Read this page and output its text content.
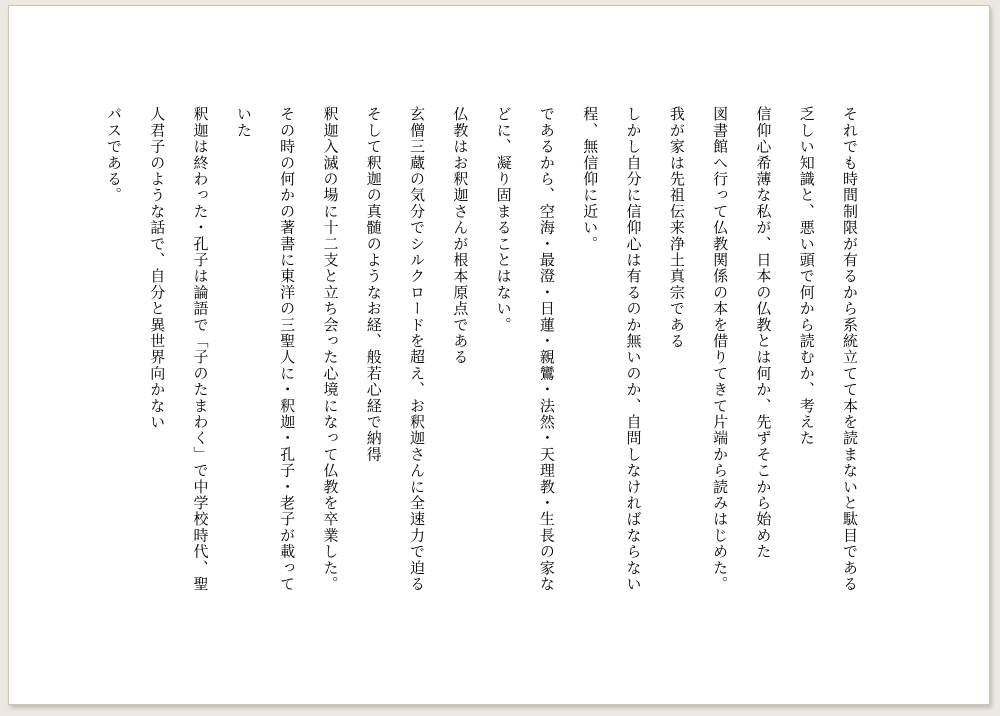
それでも時間制限が有るから系統立てて本を読まないと駄目である
乏しい知識と、悪い頭で何から読むか、考えた
信仰心希薄な私が、日本の仏教とは何か、先ずそこから始めた
図書館へ行って仏教関係の本を借りてきて片端から読みはじめた。
我が家は先祖伝来浄土真宗である
しかし自分に信仰心は有るのか無いのか、自問しなければならない
程、無信仰に近い。
であるから、空海・最澄・日蓮・親鸞・法然・天理教・生長の家な
どに、凝り固まることはない。
仏教はお釈迦さんが根本原点である
玄僧三蔵の気分でシルクロードを超え、お釈迦さんに全速力で迫る
そして釈迦の真髄のようなお経、般若心経で納得
釈迦入滅の場に十二支と立ち会った心境になって仏教を卒業した。
その時の何かの著書に東洋の三聖人に・釈迦・孔子・老子が載って
いた
釈迦は終わった・孔子は論語で「子のたまわく」で中学校時代、聖
人君子のような話で、自分と異世界向かない
パスである。
